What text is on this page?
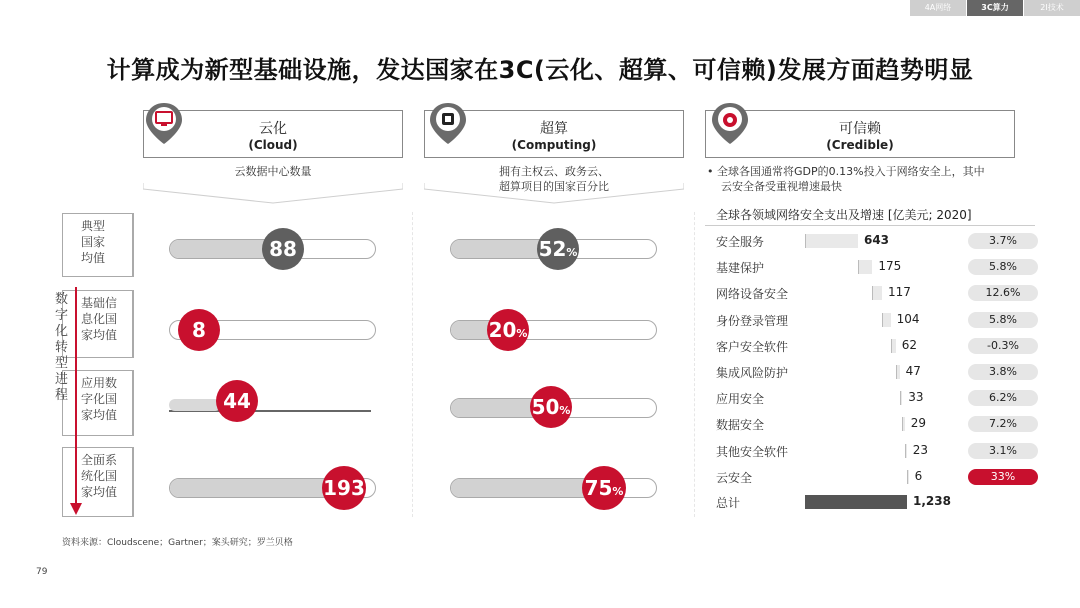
4A网络	3C算力	2I技术
计算成为新型基础设施，发达国家在3C(云化、超算、可信赖)发展方面趋势明显
云化
(Cloud)
超算
(Computing)
可信赖
(Credible)
云数据中心数量	拥有主权云、政务云、
超算项目的国家百分比
典型
国家
均值
基础信
息化国
家均值
应用数
字化国
家均值
全面系
统化国
家均值
数字化转型进程
88
8
44
193
52%
20%
50%
75%
• 全球各国通常将GDP的0.13%投入于网络安全上，其中
云安全备受重视增速最快
全球各领域网络安全支出及增速 [亿美元; 2020]
安全服务	643	3.7%
基建保护	175	5.8%
网络设备安全	117	12.6%
身份登录管理	104	5.8%
客户安全软件	62	-0.3%
集成风险防护	47	3.8%
应用安全	33	6.2%
数据安全	29	7.2%
其他安全软件	23	3.1%
云安全	6	33%
总计	1,238
资料来源：Cloudscene；Gartner；案头研究；罗兰贝格
79
